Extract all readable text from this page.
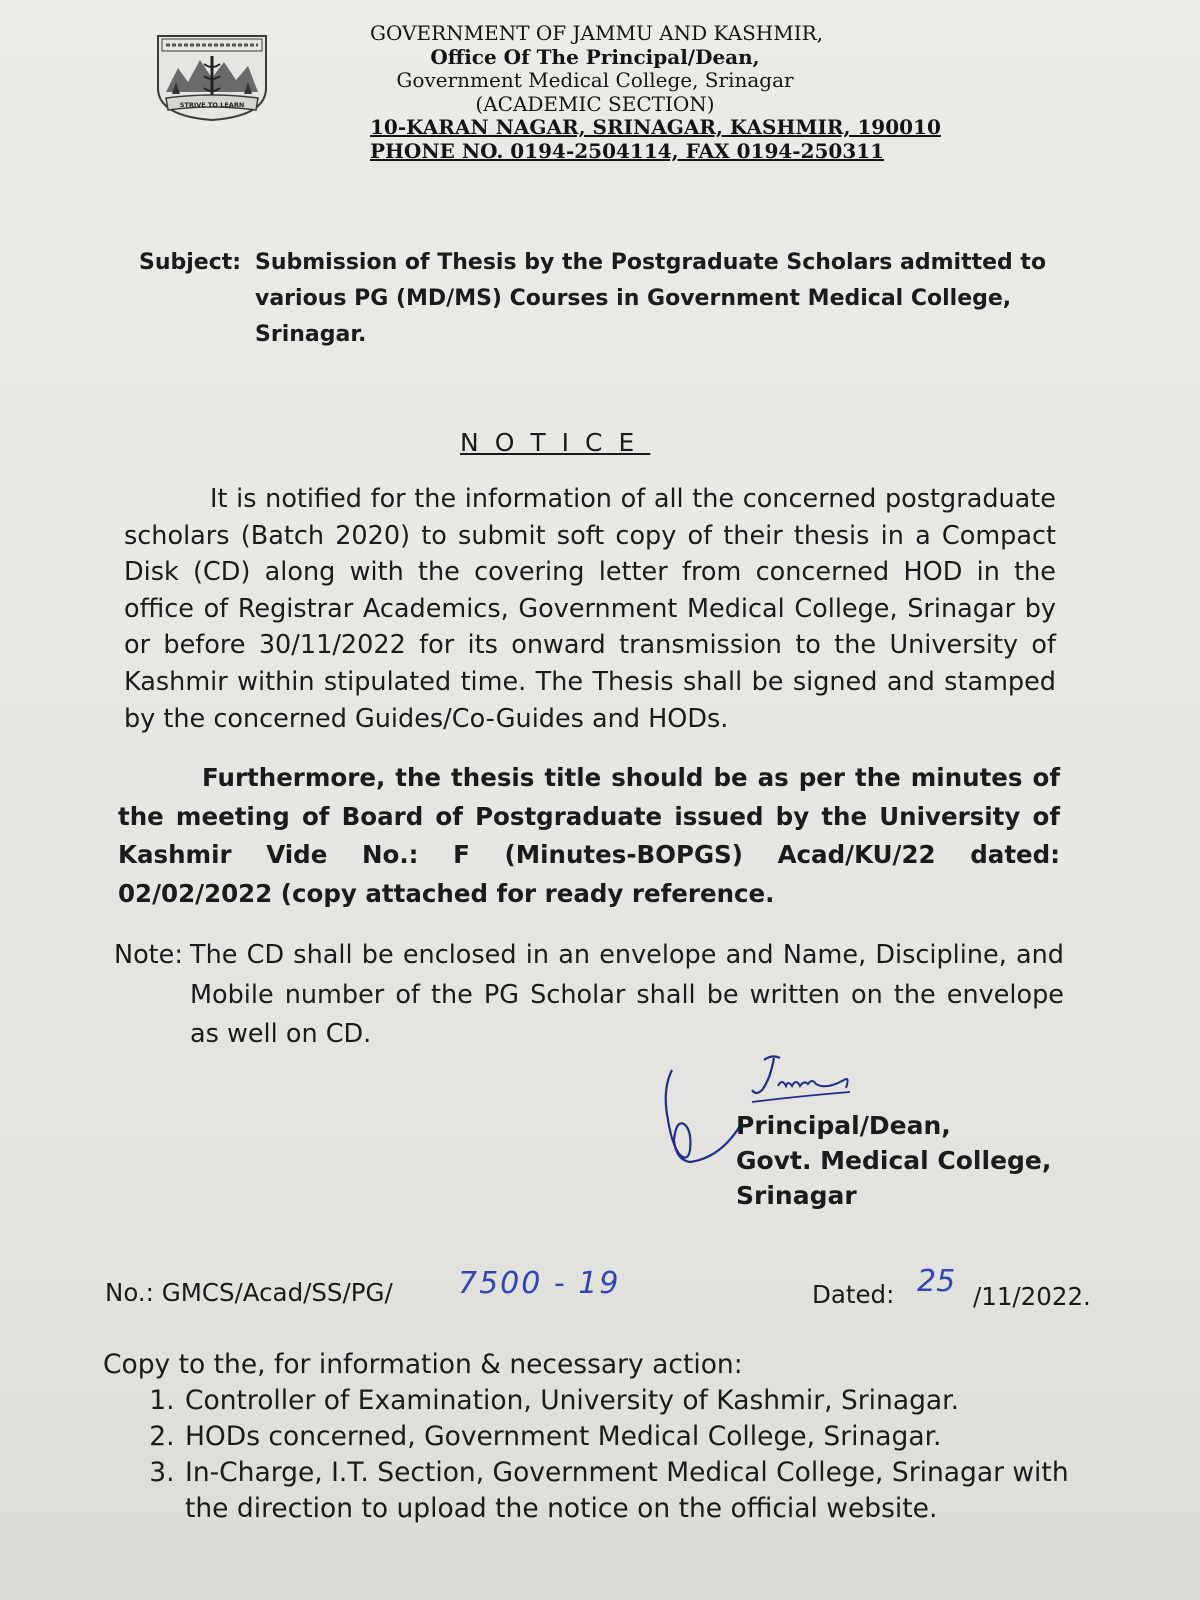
STRIVE TO LEARN
GOVERNMENT OF JAMMU AND KASHMIR,
Office Of The Principal/Dean,
Government Medical College, Srinagar
(ACADEMIC SECTION)
10-KARAN NAGAR, SRINAGAR, KASHMIR, 190010
PHONE NO. 0194-2504114, FAX 0194-250311
Subject: Submission of Thesis by the Postgraduate Scholars admitted to various PG (MD/MS) Courses in Government Medical College, Srinagar.
NOTICE
It is notified for the information of all the concerned postgraduate scholars (Batch 2020) to submit soft copy of their thesis in a Compact Disk (CD) along with the covering letter from concerned HOD in the office of Registrar Academics, Government Medical College, Srinagar by or before 30/11/2022 for its onward transmission to the University of Kashmir within stipulated time. The Thesis shall be signed and stamped by the concerned Guides/Co-Guides and HODs.
Furthermore, the thesis title should be as per the minutes of the meeting of Board of Postgraduate issued by the University of Kashmir Vide No.: F (Minutes-BOPGS) Acad/KU/22 dated: 02/02/2022 (copy attached for ready reference.
Note: The CD shall be enclosed in an envelope and Name, Discipline, and Mobile number of the PG Scholar shall be written on the envelope as well on CD.
Principal/Dean,
Govt. Medical College,
Srinagar
No.: GMCS/Acad/SS/PG/ 7500 - 19	Dated: 25 /11/2022.
Copy to the, for information & necessary action:
1. Controller of Examination, University of Kashmir, Srinagar.
2. HODs concerned, Government Medical College, Srinagar.
3. In-Charge, I.T. Section, Government Medical College, Srinagar with the direction to upload the notice on the official website.
